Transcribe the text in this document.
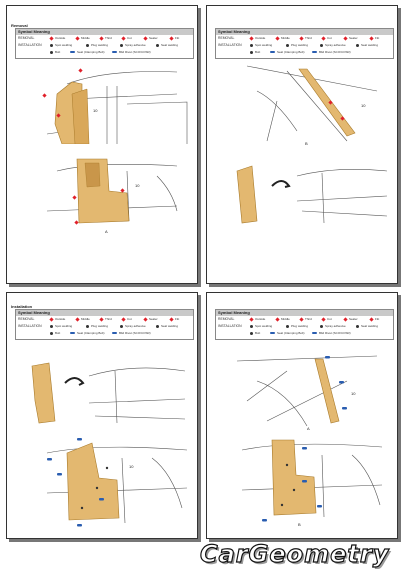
Removal
Symbol Meaning
REMOVAL	Outside	Middle	Third	Cut	Sealer	Fitt
INSTALLATION	Spot welding	Plug welding	Spray adhesive	Seal welding
Bolt	Seal (Clamping Bolt)	Bltd Rivet (SCO/COSR)
10
10
A
Symbol Meaning
REMOVAL	Outside	Middle	Third	Cut	Sealer	Fitt
INSTALLATION	Spot welding	Plug welding	Spray adhesive	Seal welding
Bolt	Seal (Clamping Bolt)	Bltd Rivet (SCO/COSR)
10
B
Installation
Symbol Meaning
REMOVAL	Outside	Middle	Third	Cut	Sealer	Fitt
INSTALLATION	Spot welding	Plug welding	Spray adhesive	Seal welding
Bolt	Seal (Clamping Bolt)	Bltd Rivet (SCO/COSR)
10
Symbol Meaning
REMOVAL	Outside	Middle	Third	Cut	Sealer	Fitt
INSTALLATION	Spot welding	Plug welding	Spray adhesive	Seal welding
Bolt	Seal (Clamping Bolt)	Bltd Rivet (SCO/COSR)
10
A
B
CarGeometry
